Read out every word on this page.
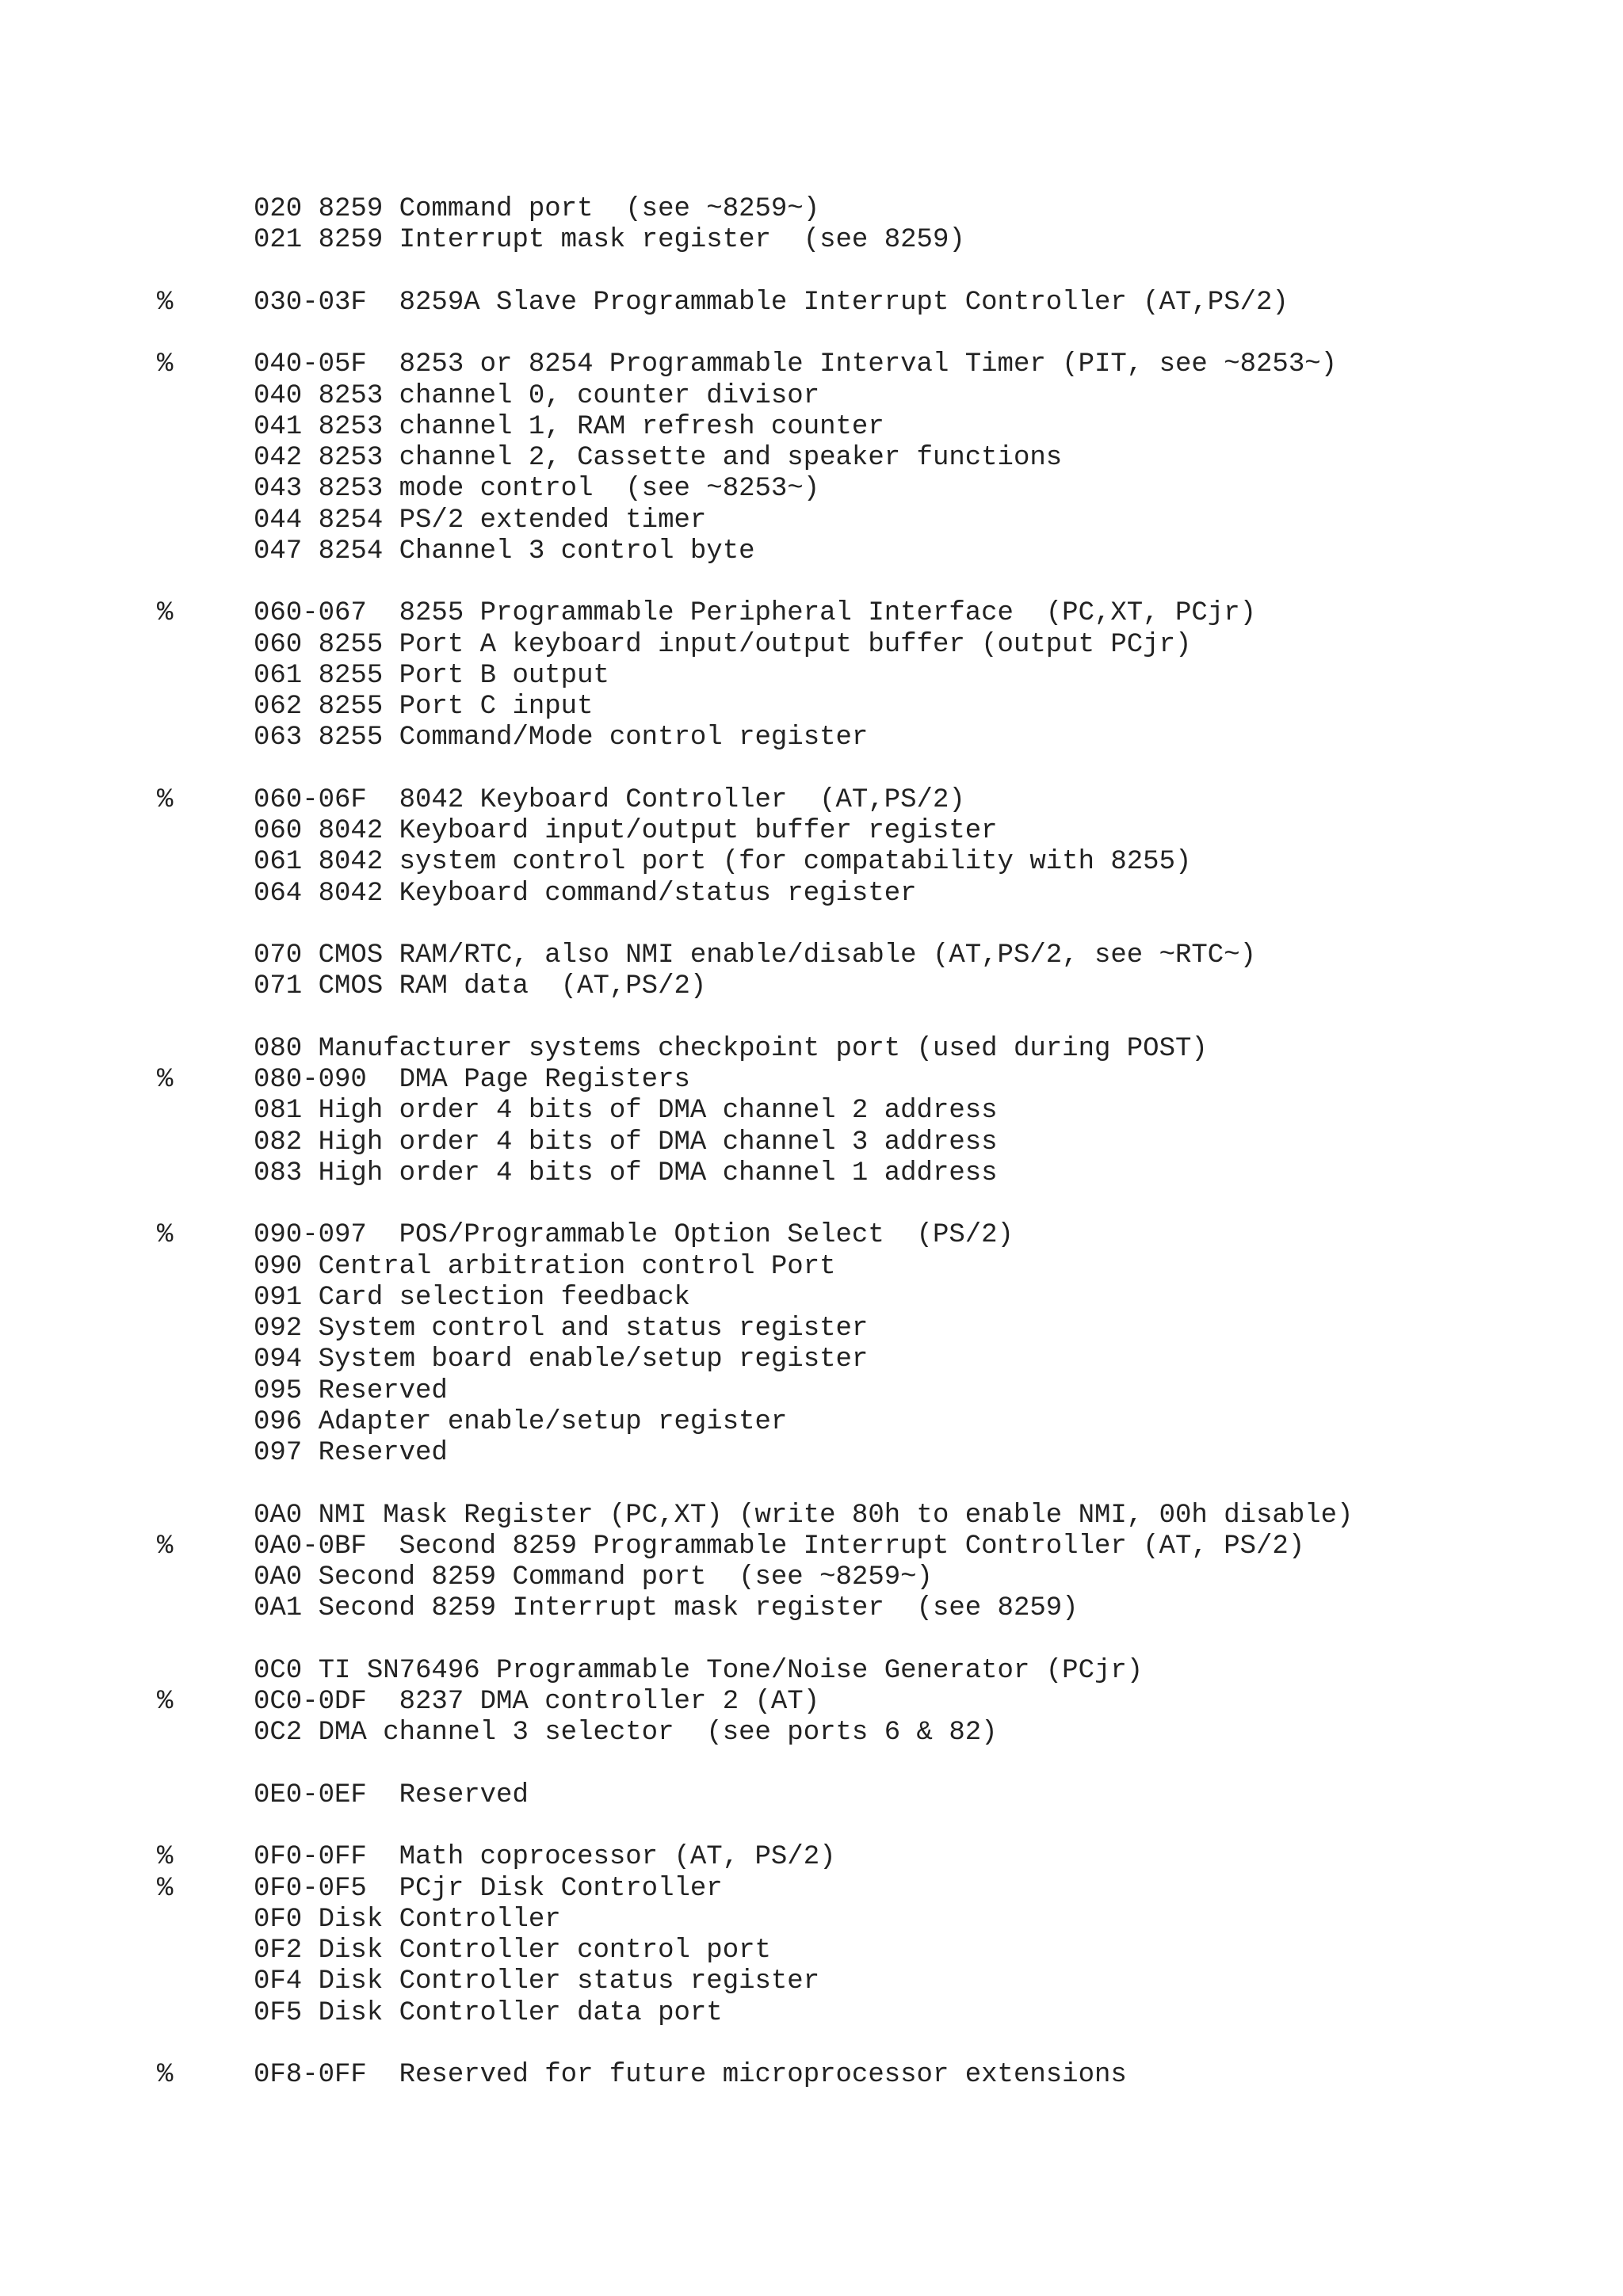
020 8259 Command port  (see ~8259~)
021 8259 Interrupt mask register  (see 8259)
%	030-03F  8259A Slave Programmable Interrupt Controller (AT,PS/2)
%	040-05F  8253 or 8254 Programmable Interval Timer (PIT, see ~8253~)
040 8253 channel 0, counter divisor
041 8253 channel 1, RAM refresh counter
042 8253 channel 2, Cassette and speaker functions
043 8253 mode control  (see ~8253~)
044 8254 PS/2 extended timer
047 8254 Channel 3 control byte
%	060-067  8255 Programmable Peripheral Interface  (PC,XT, PCjr)
060 8255 Port A keyboard input/output buffer (output PCjr)
061 8255 Port B output
062 8255 Port C input
063 8255 Command/Mode control register
%	060-06F  8042 Keyboard Controller  (AT,PS/2)
060 8042 Keyboard input/output buffer register
061 8042 system control port (for compatability with 8255)
064 8042 Keyboard command/status register
070 CMOS RAM/RTC, also NMI enable/disable (AT,PS/2, see ~RTC~)
071 CMOS RAM data  (AT,PS/2)
080 Manufacturer systems checkpoint port (used during POST)
%	080-090  DMA Page Registers
081 High order 4 bits of DMA channel 2 address
082 High order 4 bits of DMA channel 3 address
083 High order 4 bits of DMA channel 1 address
%	090-097  POS/Programmable Option Select  (PS/2)
090 Central arbitration control Port
091 Card selection feedback
092 System control and status register
094 System board enable/setup register
095 Reserved
096 Adapter enable/setup register
097 Reserved
0A0 NMI Mask Register (PC,XT) (write 80h to enable NMI, 00h disable)
%	0A0-0BF  Second 8259 Programmable Interrupt Controller (AT, PS/2)
0A0 Second 8259 Command port  (see ~8259~)
0A1 Second 8259 Interrupt mask register  (see 8259)
0C0 TI SN76496 Programmable Tone/Noise Generator (PCjr)
%	0C0-0DF  8237 DMA controller 2 (AT)
0C2 DMA channel 3 selector  (see ports 6 & 82)
0E0-0EF  Reserved
%	0F0-0FF  Math coprocessor (AT, PS/2)
%	0F0-0F5  PCjr Disk Controller
0F0 Disk Controller
0F2 Disk Controller control port
0F4 Disk Controller status register
0F5 Disk Controller data port
%	0F8-0FF  Reserved for future microprocessor extensions
